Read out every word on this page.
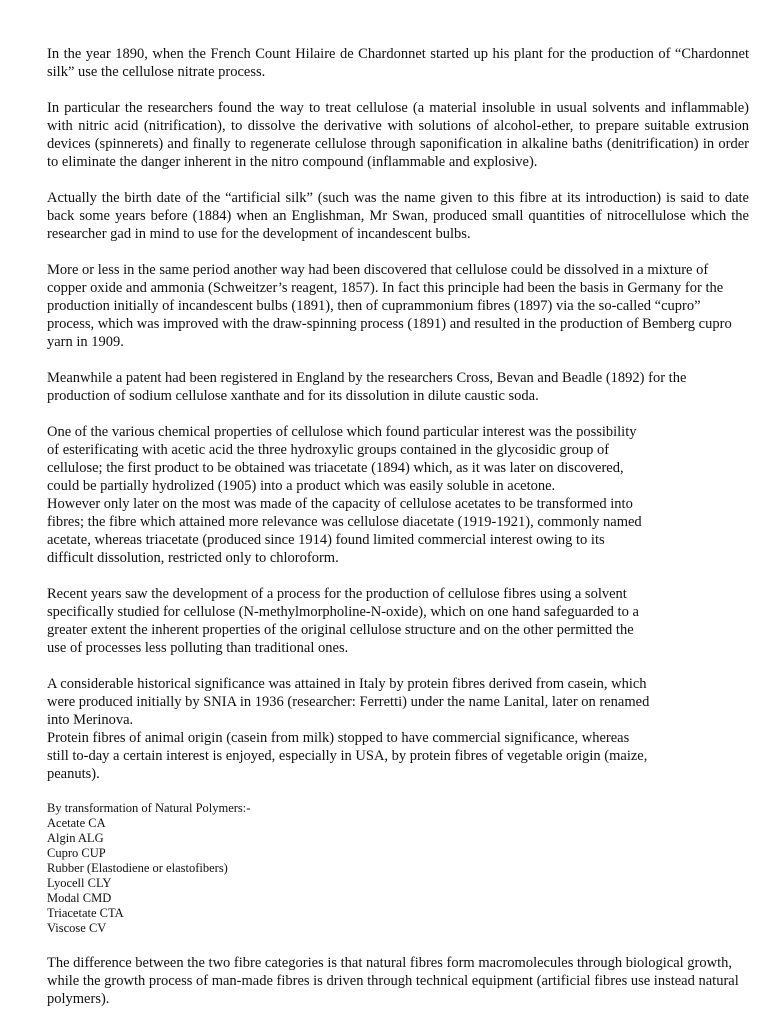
In the year 1890, when the French Count Hilaire de Chardonnet started up his plant for the production of “Chardonnet silk” use the cellulose nitrate process.

In particular the researchers found the way to treat cellulose (a material insoluble in usual solvents and inflammable) with nitric acid (nitrification), to dissolve the derivative with solutions of alcohol-ether, to prepare suitable extrusion devices (spinnerets) and finally to regenerate cellulose through saponification in alkaline baths (denitrification) in order to eliminate the danger inherent in the nitro compound (inflammable and explosive).

Actually the birth date of the “artificial silk” (such was the name given to this fibre at its introduction) is said to date back some years before (1884) when an Englishman, Mr Swan, produced small quantities of nitrocellulose which the researcher gad in mind to use for the development of incandescent bulbs.

More or less in the same period another way had been discovered that cellulose could be dissolved in a mixture of copper oxide and ammonia (Schweitzer’s reagent, 1857). In fact this principle had been the basis in Germany for the production initially of incandescent bulbs (1891), then of cuprammonium fibres (1897) via the so-called “cupro” process, which was improved with the draw-spinning process (1891) and resulted in the production of Bemberg cupro yarn in 1909.

Meanwhile a patent had been registered in England by the researchers Cross, Bevan and Beadle (1892) for the production of sodium cellulose xanthate and for its dissolution in dilute caustic soda.

One of the various chemical properties of cellulose which found particular interest was the possibility of esterificating with acetic acid the three hydroxylic groups contained in the glycosidic group of cellulose; the first product to be obtained was triacetate (1894) which, as it was later on discovered, could be partially hydrolized (1905) into a product which was easily soluble in acetone.

However only later on the most was made of the capacity of cellulose acetates to be transformed into fibres; the fibre which attained more relevance was cellulose diacetate (1919-1921), commonly named acetate, whereas triacetate (produced since 1914) found limited commercial interest owing to its difficult dissolution, restricted only to chloroform.

Recent years saw the development of a process for the production of cellulose fibres using a solvent specifically studied for cellulose (N-methylmorpholine-N-oxide), which on one hand safeguarded to a greater extent the inherent properties of the original cellulose structure and on the other permitted the use of processes less polluting than traditional ones.

A considerable historical significance was attained in Italy by protein fibres derived from casein, which were produced initially by SNIA in 1936 (researcher: Ferretti) under the name Lanital, later on renamed into Merinova.

Protein fibres of animal origin (casein from milk) stopped to have commercial significance, whereas still to-day a certain interest is enjoyed, especially in USA, by protein fibres of vegetable origin (maize, peanuts).

By transformation of Natural Polymers:-
Acetate CA
Algin ALG
Cupro CUP
Rubber (Elastodiene or elastofibers)
Lyocell CLY
Modal CMD
Triacetate CTA
Viscose CV

The difference between the two fibre categories is that natural fibres form macromolecules through biological growth, while the growth process of man-made fibres is driven through technical equipment (artificial fibres use instead natural polymers).
